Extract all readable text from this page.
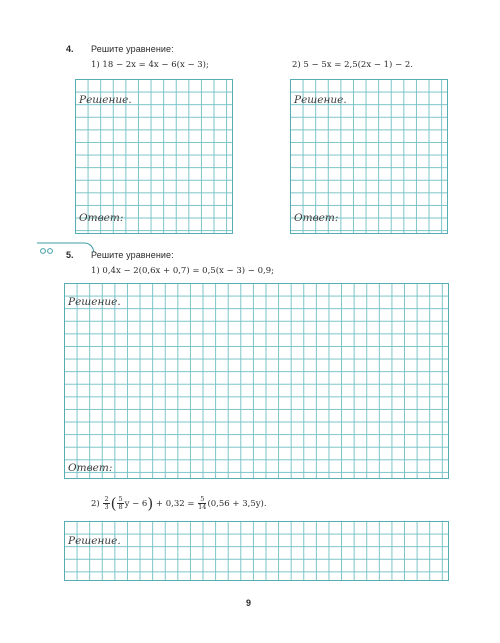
4. Решите уравнение:
1) 18 − 2x = 4x − 6(x − 3);	2) 5 − 5x = 2,5(2x − 1) − 2.
Решение.
Ответ:
Решение.
Ответ:
5. Решите уравнение:
1) 0,4x − 2(0,6x + 0,7) = 0,5(x − 3) − 0,9;
Решение.
Ответ:
$2) \frac{2}{3}$ ( $\frac{5}{8}$ $y - 6) + 0,32 = \frac{5}{14} (0,56 + 3,5y)$.
Решение.
9
